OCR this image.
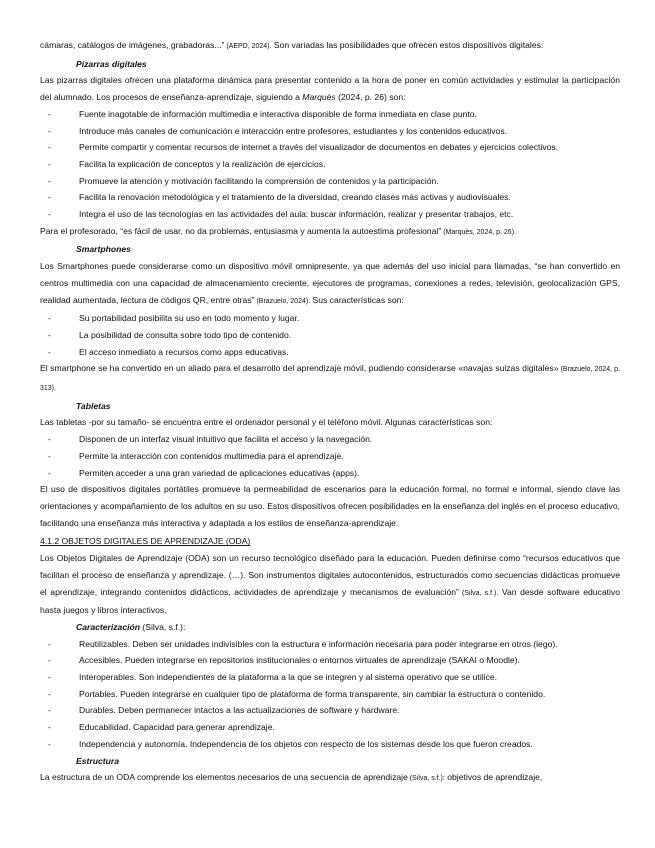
cámaras, catálogos de imágenes, grabadoras...” (AEPD, 2024). Son variadas las posibilidades que ofrecen estos dispositivos digitales:

Pizarras digitales

Las pizarras digitales ofrecen una plataforma dinámica para presentar contenido a la hora de poner en común actividades y estimular la participación del alumnado. Los procesos de enseñanza-aprendizaje, siguiendo a Marquès (2024, p. 26) son:

- Fuente inagotable de información multimedia e interactiva disponible de forma inmediata en clase punto.
- Introduce más canales de comunicación e interacción entre profesores, estudiantes y los contenidos educativos.
- Permite compartir y comentar recursos de internet a través del visualizador de documentos en debates y ejercicios colectivos.
- Facilita la explicación de conceptos y la realización de ejercicios.
- Promueve la atención y motivación facilitando la comprensión de contenidos y la participación.
- Facilita la renovación metodológica y el tratamiento de la diversidad, creando clases más activas y audiovisuales.
- Integra el uso de las tecnologías en las actividades del aula: buscar información, realizar y presentar trabajos, etc.

Para el profesorado, “es fácil de usar, no da problemas, entusiasma y aumenta la autoestima profesional” (Marquès, 2024, p. 26).

Smartphones

Los Smartphones puede considerarse como un dispositivo móvil omnipresente, ya que además del uso inicial para llamadas, “se han convertido en centros multimedia con una capacidad de almacenamiento creciente, ejecutores de programas, conexiones a redes, televisión, geolocalización GPS, realidad aumentada, lectura de códigos QR, entre otras” (Brazuelo, 2024). Sus características son:

- Su portabilidad posibilita su uso en todo momento y lugar.
- La posibilidad de consulta sobre todo tipo de contenido.
- El acceso inmediato a recursos como apps educativas.

El smartphone se ha convertido en un aliado para el desarrollo del aprendizaje móvil, pudiendo considerarse «navajas suizas digitales» (Brazuelo, 2024, p. 313).

Tabletas

Las tabletas -por su tamaño- se encuentra entre el ordenador personal y el teléfono móvil. Algunas características son:

- Disponen de un interfaz visual intuitivo que facilita el acceso y la navegación.
- Permite la interacción con contenidos multimedia para el aprendizaje.
- Permiten acceder a una gran variedad de aplicaciones educativas (apps).

El uso de dispositivos digitales portátiles promueve la permeabilidad de escenarios para la educación formal, no formal e informal, siendo clave las orientaciones y acompañamiento de los adultos en su uso. Estos dispositivos ofrecen posibilidades en la enseñanza del inglés en el proceso educativo, facilitando una enseñanza más interactiva y adaptada a los estilos de enseñanza-aprendizaje.

4.1.2 OBJETOS DIGITALES DE APRENDIZAJE (ODA)

Los Objetos Digitales de Aprendizaje (ODA) son un recurso tecnológico diseñado para la educación. Pueden definirse como “recursos educativos que facilitan el proceso de enseñanza y aprendizaje. (…). Son instrumentos digitales autocontenidos, estructurados como secuencias didácticas promueve el aprendizaje, integrando contenidos didácticos, actividades de aprendizaje y mecanismos de evaluación” (Silva, s.f.). Van desde software educativo hasta juegos y libros interactivos.

Caracterización (Silva, s.f.):

- Reutilizables. Deben ser unidades indivisibles con la estructura e información necesaria para poder integrarse en otros (lego).
- Accesibles. Pueden integrarse en repositorios institucionales o entornos virtuales de aprendizaje (SAKAI o Moodle).
- Interoperables. Son independientes de la plataforma a la que se integren y al sistema operativo que se utilice.
- Portables. Pueden integrarse en cualquier tipo de plataforma de forma transparente, sin cambiar la estructura o contenido.
- Durables. Deben permanecer intactos a las actualizaciones de software y hardware.
- Educabilidad. Capacidad para generar aprendizaje.
- Independencia y autonomía. Independencia de los objetos con respecto de los sistemas desde los que fueron creados.

Estructura

La estructura de un ODA comprende los elementos necesarios de una secuencia de aprendizaje (Silva, s.f.): objetivos de aprendizaje,
